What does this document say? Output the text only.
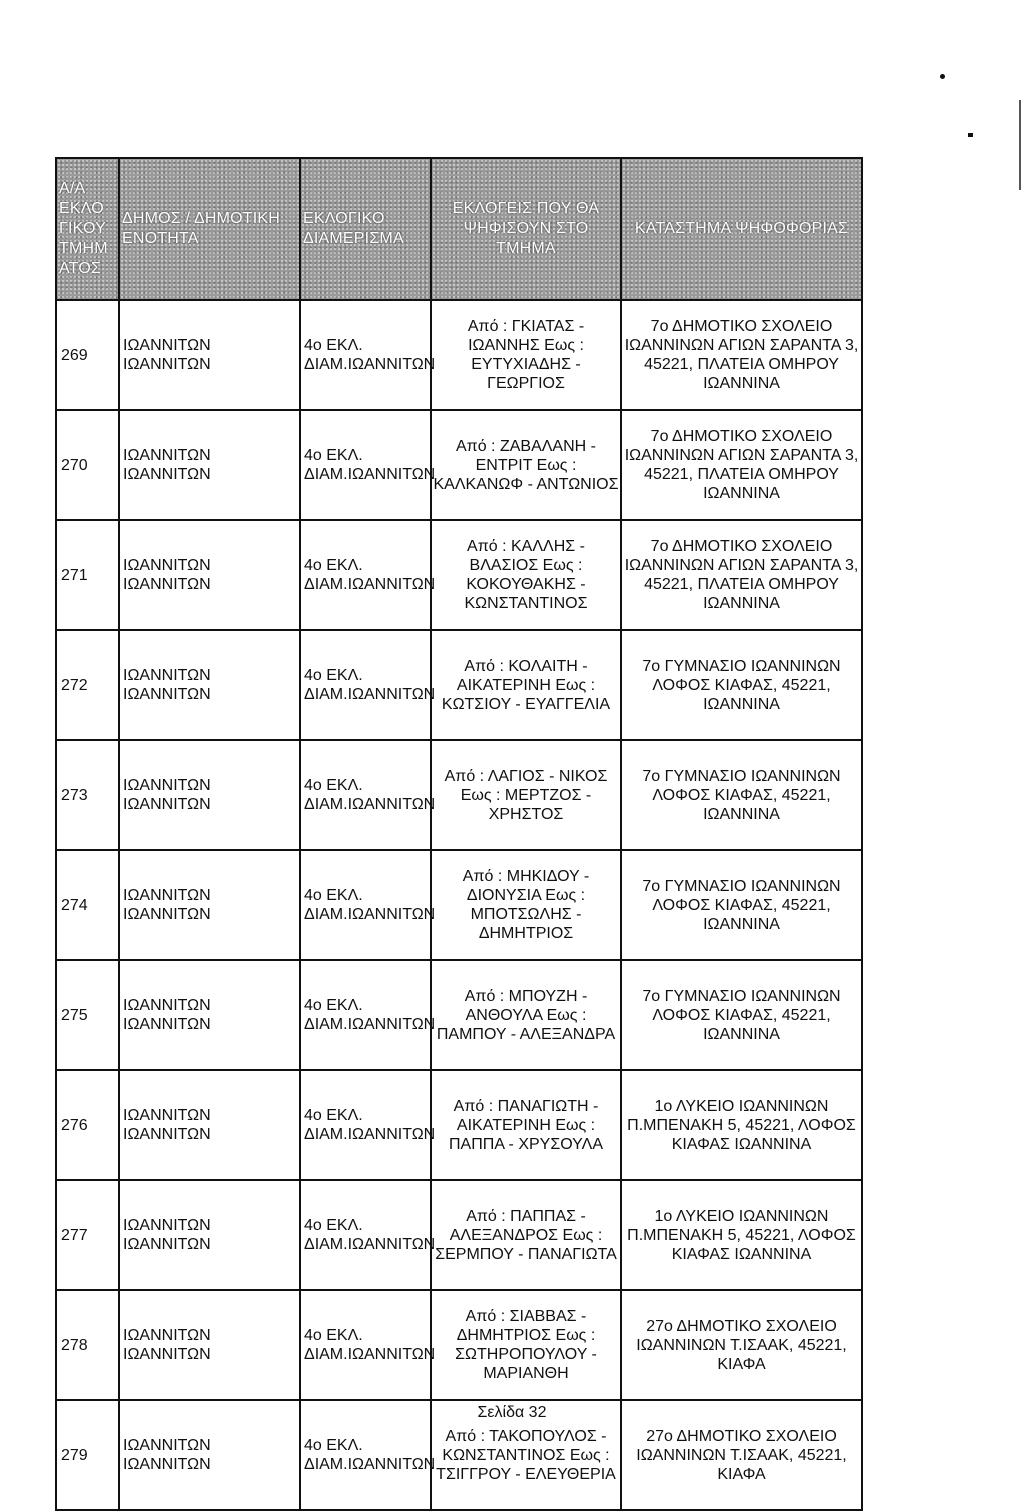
Α/Α ΕΚΛΟ ΓΙΚΟΥ ΤΜΗΜ ΑΤΟΣ	ΔΗΜΟΣ / ΔΗΜΟΤΙΚΗ ΕΝΟΤΗΤΑ	ΕΚΛΟΓΙΚΟ ΔΙΑΜΕΡΙΣΜΑ	ΕΚΛΟΓΕΙΣ ΠΟΥ ΘΑ ΨΗΦΙΣΟΥΝ ΣΤΟ ΤΜΗΜΑ	ΚΑΤΑΣΤΗΜΑ ΨΗΦΟΦΟΡΙΑΣ
269	ΙΩΑΝΝΙΤΩΝ ΙΩΑΝΝΙΤΩΝ	4ο ΕΚΛ. ΔΙΑΜ.ΙΩΑΝΝΙΤΩΝ	Από : ΓΚΙΑΤΑΣ - ΙΩΑΝΝΗΣ Εως : ΕΥΤΥΧΙΑΔΗΣ - ΓΕΩΡΓΙΟΣ	7ο ΔΗΜΟΤΙΚΟ ΣΧΟΛΕΙΟ ΙΩΑΝΝΙΝΩΝ ΑΓΙΩΝ ΣΑΡΑΝΤΑ 3, 45221, ΠΛΑΤΕΙΑ ΟΜΗΡΟΥ ΙΩΑΝΝΙΝΑ
270	ΙΩΑΝΝΙΤΩΝ ΙΩΑΝΝΙΤΩΝ	4ο ΕΚΛ. ΔΙΑΜ.ΙΩΑΝΝΙΤΩΝ	Από : ΖΑΒΑΛΑΝΗ - ΕΝΤΡΙΤ Εως : ΚΑΛΚΑΝΩΦ - ΑΝΤΩΝΙΟΣ	7ο ΔΗΜΟΤΙΚΟ ΣΧΟΛΕΙΟ ΙΩΑΝΝΙΝΩΝ ΑΓΙΩΝ ΣΑΡΑΝΤΑ 3, 45221, ΠΛΑΤΕΙΑ ΟΜΗΡΟΥ ΙΩΑΝΝΙΝΑ
271	ΙΩΑΝΝΙΤΩΝ ΙΩΑΝΝΙΤΩΝ	4ο ΕΚΛ. ΔΙΑΜ.ΙΩΑΝΝΙΤΩΝ	Από : ΚΑΛΛΗΣ - ΒΛΑΣΙΟΣ Εως : ΚΟΚΟΥΘΑΚΗΣ - ΚΩΝΣΤΑΝΤΙΝΟΣ	7ο ΔΗΜΟΤΙΚΟ ΣΧΟΛΕΙΟ ΙΩΑΝΝΙΝΩΝ ΑΓΙΩΝ ΣΑΡΑΝΤΑ 3, 45221, ΠΛΑΤΕΙΑ ΟΜΗΡΟΥ ΙΩΑΝΝΙΝΑ
272	ΙΩΑΝΝΙΤΩΝ ΙΩΑΝΝΙΤΩΝ	4ο ΕΚΛ. ΔΙΑΜ.ΙΩΑΝΝΙΤΩΝ	Από : ΚΟΛΑΙΤΗ - ΑΙΚΑΤΕΡΙΝΗ Εως : ΚΩΤΣΙΟΥ - ΕΥΑΓΓΕΛΙΑ	7ο ΓΥΜΝΑΣΙΟ ΙΩΑΝΝΙΝΩΝ ΛΟΦΟΣ ΚΙΑΦΑΣ, 45221, ΙΩΑΝΝΙΝΑ
273	ΙΩΑΝΝΙΤΩΝ ΙΩΑΝΝΙΤΩΝ	4ο ΕΚΛ. ΔΙΑΜ.ΙΩΑΝΝΙΤΩΝ	Από : ΛΑΓΙΟΣ - ΝΙΚΟΣ Εως : ΜΕΡΤΖΟΣ - ΧΡΗΣΤΟΣ	7ο ΓΥΜΝΑΣΙΟ ΙΩΑΝΝΙΝΩΝ ΛΟΦΟΣ ΚΙΑΦΑΣ, 45221, ΙΩΑΝΝΙΝΑ
274	ΙΩΑΝΝΙΤΩΝ ΙΩΑΝΝΙΤΩΝ	4ο ΕΚΛ. ΔΙΑΜ.ΙΩΑΝΝΙΤΩΝ	Από : ΜΗΚΙΔΟΥ - ΔΙΟΝΥΣΙΑ Εως : ΜΠΟΤΣΩΛΗΣ - ΔΗΜΗΤΡΙΟΣ	7ο ΓΥΜΝΑΣΙΟ ΙΩΑΝΝΙΝΩΝ ΛΟΦΟΣ ΚΙΑΦΑΣ, 45221, ΙΩΑΝΝΙΝΑ
275	ΙΩΑΝΝΙΤΩΝ ΙΩΑΝΝΙΤΩΝ	4ο ΕΚΛ. ΔΙΑΜ.ΙΩΑΝΝΙΤΩΝ	Από : ΜΠΟΥΖΗ - ΑΝΘΟΥΛΑ Εως : ΠΑΜΠΟΥ - ΑΛΕΞΑΝΔΡΑ	7ο ΓΥΜΝΑΣΙΟ ΙΩΑΝΝΙΝΩΝ ΛΟΦΟΣ ΚΙΑΦΑΣ, 45221, ΙΩΑΝΝΙΝΑ
276	ΙΩΑΝΝΙΤΩΝ ΙΩΑΝΝΙΤΩΝ	4ο ΕΚΛ. ΔΙΑΜ.ΙΩΑΝΝΙΤΩΝ	Από : ΠΑΝΑΓΙΩΤΗ - ΑΙΚΑΤΕΡΙΝΗ Εως : ΠΑΠΠΑ - ΧΡΥΣΟΥΛΑ	1ο ΛΥΚΕΙΟ ΙΩΑΝΝΙΝΩΝ Π.ΜΠΕΝΑΚΗ 5, 45221, ΛΟΦΟΣ ΚΙΑΦΑΣ ΙΩΑΝΝΙΝΑ
277	ΙΩΑΝΝΙΤΩΝ ΙΩΑΝΝΙΤΩΝ	4ο ΕΚΛ. ΔΙΑΜ.ΙΩΑΝΝΙΤΩΝ	Από : ΠΑΠΠΑΣ - ΑΛΕΞΑΝΔΡΟΣ Εως : ΣΕΡΜΠΟΥ - ΠΑΝΑΓΙΩΤΑ	1ο ΛΥΚΕΙΟ ΙΩΑΝΝΙΝΩΝ Π.ΜΠΕΝΑΚΗ 5, 45221, ΛΟΦΟΣ ΚΙΑΦΑΣ ΙΩΑΝΝΙΝΑ
278	ΙΩΑΝΝΙΤΩΝ ΙΩΑΝΝΙΤΩΝ	4ο ΕΚΛ. ΔΙΑΜ.ΙΩΑΝΝΙΤΩΝ	Από : ΣΙΑΒΒΑΣ - ΔΗΜΗΤΡΙΟΣ Εως : ΣΩΤΗΡΟΠΟΥΛΟΥ - ΜΑΡΙΑΝΘΗ	27ο ΔΗΜΟΤΙΚΟ ΣΧΟΛΕΙΟ ΙΩΑΝΝΙΝΩΝ Τ.ΙΣΑΑΚ, 45221, ΚΙΑΦΑ
279	ΙΩΑΝΝΙΤΩΝ ΙΩΑΝΝΙΤΩΝ	4ο ΕΚΛ. ΔΙΑΜ.ΙΩΑΝΝΙΤΩΝ	Από : ΤΑΚΟΠΟΥΛΟΣ - ΚΩΝΣΤΑΝΤΙΝΟΣ Εως : ΤΣΙΓΓΡΟΥ - ΕΛΕΥΘΕΡΙΑ	27ο ΔΗΜΟΤΙΚΟ ΣΧΟΛΕΙΟ ΙΩΑΝΝΙΝΩΝ Τ.ΙΣΑΑΚ, 45221, ΚΙΑΦΑ
Σελίδα 32
